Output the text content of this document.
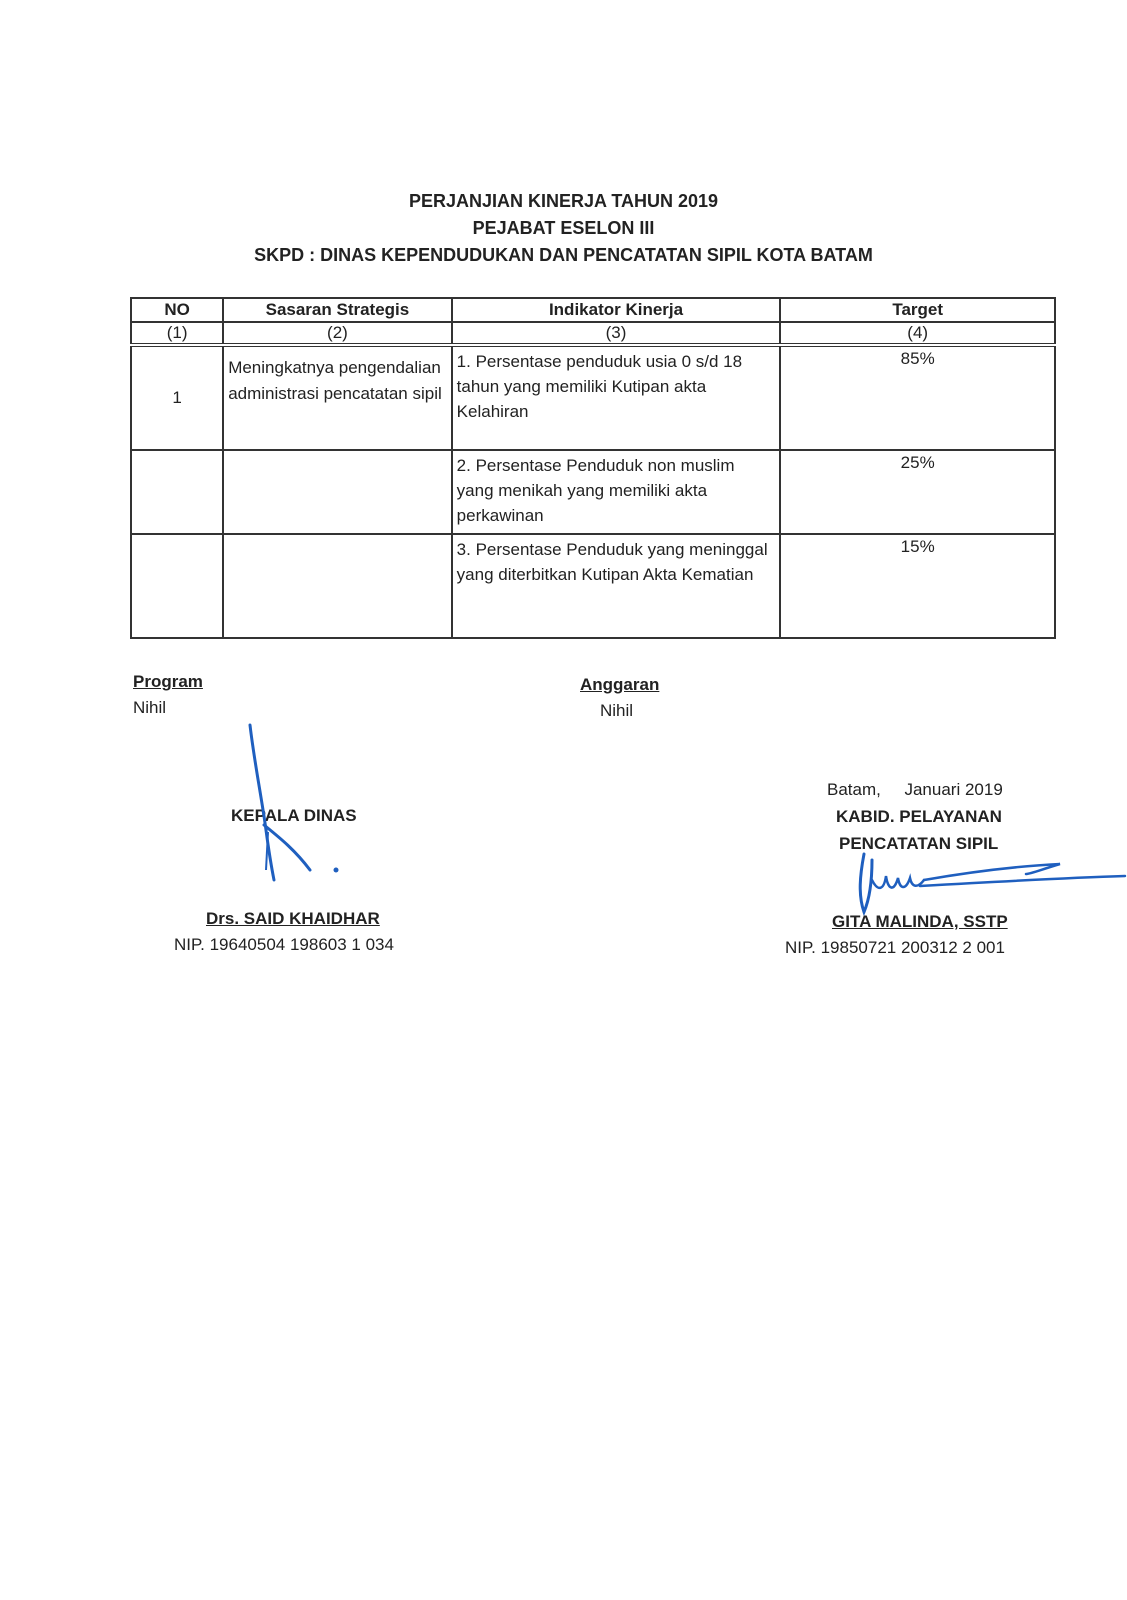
PERJANJIAN KINERJA TAHUN 2019
PEJABAT ESELON III
SKPD : DINAS KEPENDUDUKAN DAN PENCATATAN SIPIL KOTA BATAM
NO	Sasaran Strategis	Indikator Kinerja	Target
(1)	(2)	(3)	(4)
1	Meningkatnya pengendalian administrasi pencatatan sipil	1. Persentase penduduk usia 0 s/d 18 tahun yang memiliki Kutipan akta Kelahiran	85%

		2. Persentase Penduduk non muslim yang menikah yang memiliki akta perkawinan	25%

		3. Persentase Penduduk yang meninggal yang diterbitkan Kutipan Akta Kematian	15%
Program
Nihil
Anggaran
Nihil
KEPALA DINAS
Drs. SAID KHAIDHAR
NIP. 19640504 198603 1 034
Batam,     Januari 2019
KABID. PELAYANAN
PENCATATAN SIPIL
GITA MALINDA, SSTP
NIP. 19850721 200312 2 001
